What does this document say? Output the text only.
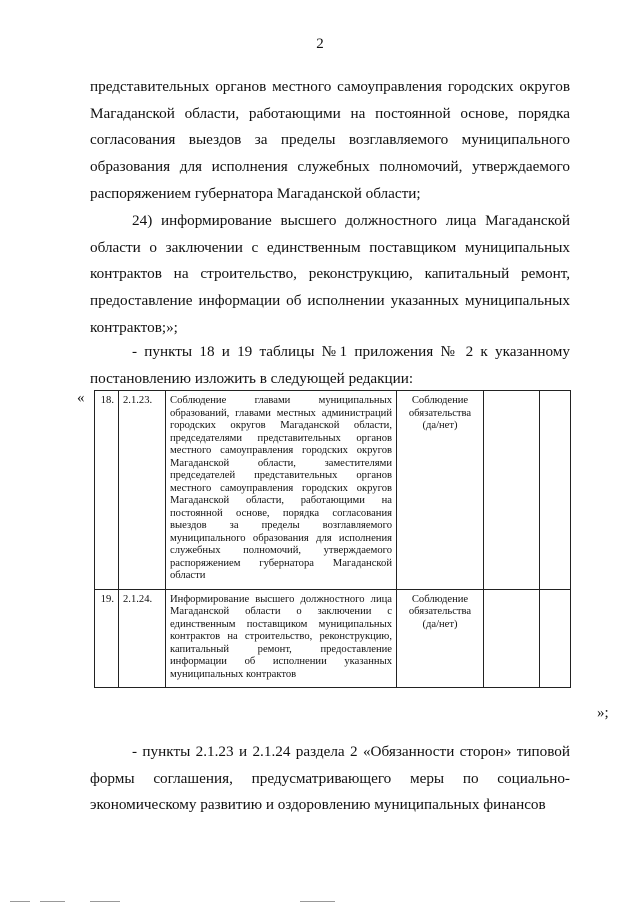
2

представительных органов местного самоуправления городских округов Магаданской области, работающими на постоянной основе, порядка согласования выездов за пределы возглавляемого муниципального образования для исполнения служебных полномочий, утверждаемого распоряжением губернатора Магаданской области;

24) информирование высшего должностного лица Магаданской области о заключении с единственным поставщиком муниципальных контрактов на строительство, реконструкцию, капитальный ремонт, предоставление информации об исполнении указанных муниципальных контрактов;»;

- пункты 18 и 19 таблицы №1 приложения № 2 к указанному постановлению изложить в следующей редакции:

« 18.	2.1.23.	Соблюдение главами муниципальных образований, главами местных администраций городских округов Магаданской области, председателями представительных органов местного самоуправления городских округов Магаданской области, заместителями председателей представительных органов местного самоуправления городских округов Магаданской области, работающими на постоянной основе, порядка согласования выездов за пределы возглавляемого муниципального образования для исполнения служебных полномочий, утверждаемого распоряжением губернатора Магаданской области	Соблюдение обязательства (да/нет)		
19.	2.1.24.	Информирование высшего должностного лица Магаданской области о заключении с единственным поставщиком муниципальных контрактов на строительство, реконструкцию, капитальный ремонт, предоставление информации об исполнении указанных муниципальных контрактов	Соблюдение обязательства (да/нет)		
»;

- пункты 2.1.23 и 2.1.24 раздела 2 «Обязанности сторон» типовой формы соглашения, предусматривающего меры по социально-экономическому развитию и оздоровлению муниципальных финансов
